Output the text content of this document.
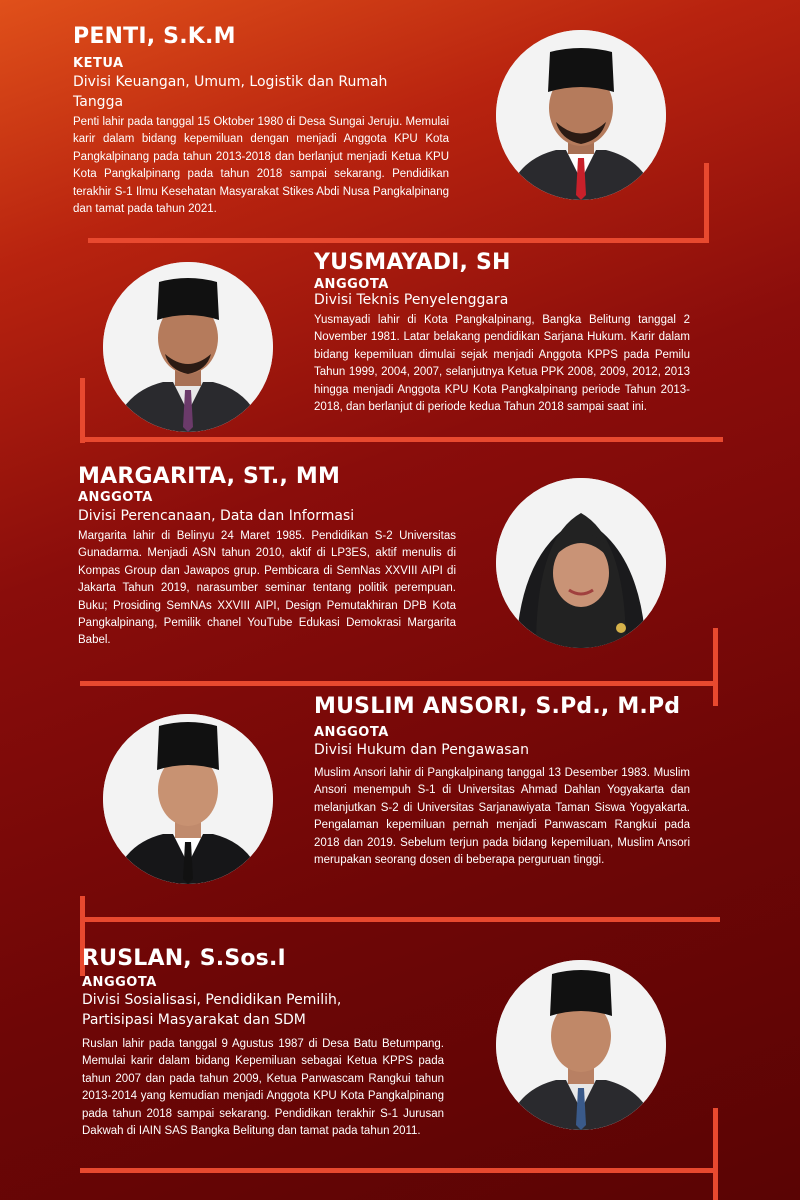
PENTI, S.K.M
KETUA
Divisi Keuangan, Umum, Logistik dan Rumah Tangga

Penti lahir pada tanggal 15 Oktober 1980 di Desa Sungai Jeruju. Memulai karir dalam bidang kepemiluan dengan menjadi Anggota KPU Kota Pangkalpinang pada tahun 2013-2018 dan berlanjut menjadi Ketua KPU Kota Pangkalpinang pada tahun 2018 sampai sekarang. Pendidikan terakhir S-1 Ilmu Kesehatan Masyarakat Stikes Abdi Nusa Pangkalpinang dan tamat pada tahun 2021.

YUSMAYADI, SH
ANGGOTA
Divisi Teknis Penyelenggara

Yusmayadi lahir di Kota Pangkalpinang, Bangka Belitung tanggal 2 November 1981. Latar belakang pendidikan Sarjana Hukum. Karir dalam bidang kepemiluan dimulai sejak menjadi Anggota KPPS pada Pemilu Tahun 1999, 2004, 2007, selanjutnya Ketua PPK 2008, 2009, 2012, 2013 hingga menjadi Anggota KPU Kota Pangkalpinang periode Tahun 2013-2018, dan berlanjut di periode kedua Tahun 2018 sampai saat ini.

MARGARITA, ST., MM
ANGGOTA
Divisi Perencanaan, Data dan Informasi

Margarita lahir di Belinyu 24 Maret 1985. Pendidikan S-2 Universitas Gunadarma. Menjadi ASN tahun 2010, aktif di LP3ES, aktif menulis di Kompas Group dan Jawapos grup. Pembicara di SemNas XXVIII AIPI di Jakarta Tahun 2019, narasumber seminar tentang politik perempuan. Buku; Prosiding SemNAs XXVIII AIPI, Design Pemutakhiran DPB Kota Pangkalpinang, Pemilik chanel YouTube Edukasi Demokrasi Margarita Babel.

MUSLIM ANSORI, S.Pd., M.Pd
ANGGOTA
Divisi Hukum dan Pengawasan

Muslim Ansori lahir di Pangkalpinang tanggal 13 Desember 1983. Muslim Ansori menempuh S-1 di Universitas Ahmad Dahlan Yogyakarta dan melanjutkan S-2 di Universitas Sarjanawiyata Taman Siswa Yogyakarta. Pengalaman kepemiluan pernah menjadi Panwascam Rangkui pada 2018 dan 2019. Sebelum terjun pada bidang kepemiluan, Muslim Ansori merupakan seorang dosen di beberapa perguruan tinggi.

RUSLAN, S.Sos.I
ANGGOTA
Divisi Sosialisasi, Pendidikan Pemilih, Partisipasi Masyarakat dan SDM

Ruslan lahir pada tanggal 9 Agustus 1987 di Desa Batu Betumpang. Memulai karir dalam bidang Kepemiluan sebagai Ketua KPPS pada tahun 2007 dan pada tahun 2009, Ketua Panwascam Rangkui tahun 2013-2014 yang kemudian menjadi Anggota KPU Kota Pangkalpinang pada tahun 2018 sampai sekarang. Pendidikan terakhir S-1 Jurusan Dakwah di IAIN SAS Bangka Belitung dan tamat pada tahun 2011.
